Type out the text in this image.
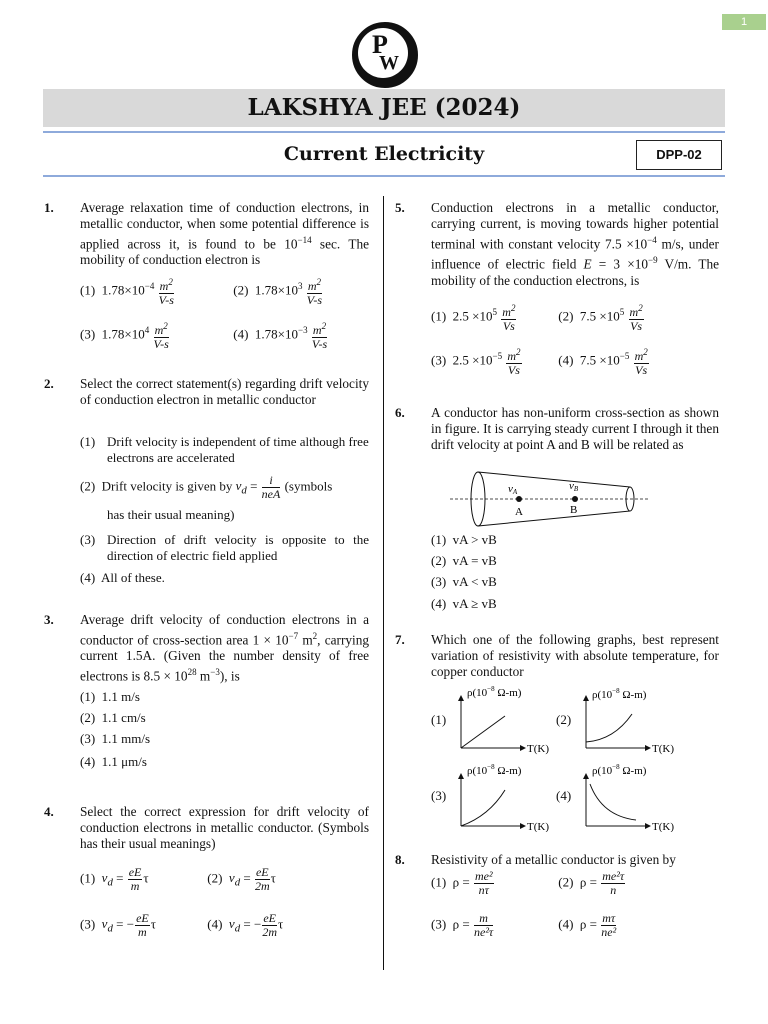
1
P
W
LAKSHYA JEE (2024)
Current Electricity	DPP-02
1. Average relaxation time of conduction electrons, in metallic conductor, when some potential difference is applied across it, is found to be $10^{-14}$ sec. The mobility of conduction electron is
(1) $1.78\times 10^{-4} \frac{m^2}{V-s}$	(2) $1.78\times 10^3 \frac{m^2}{V-s}$
(3) $1.78\times 10^4 \frac{m^2}{V-s}$	(4) $1.78\times 10^{-3} \frac{m^2}{V-s}$
2. Select the correct statement(s) regarding drift velocity of conduction electron in metallic conductor
(1) Drift velocity is independent of time although free electrons are accelerated
(2) Drift velocity is given by $v_d = \frac{i}{\text{neA}}$ (symbols
has their usual meaning)
(3) Direction of drift velocity is opposite to the direction of electric field applied
(4) All of these.
3. Average drift velocity of conduction electrons in a conductor of cross-section area $1 \times 10^{-7}$ $m^2$, carrying current 1.5A. (Given the number density of free electrons is $8.5 \times 10^{28}$ $m^{-3}$), is
(1) 1.1 m/s
(2) 1.1 cm/s
(3) 1.1 mm/s
(4) 1.1 μm/s
4. Select the correct expression for drift velocity of conduction electrons in metallic conductor. (Symbols has their usual meanings)
(1) $v_d = \frac{eE}{m}$ τ	(2) $v_d = \frac{eE}{2m}$ τ
(3) $v_d$ = − $\frac{eE}{m}$ τ	(4) $v_d$ = − $\frac{eE}{2m}$ τ
5. Conduction electrons in a metallic conductor, carrying current, is moving towards higher potential terminal with constant velocity $7.5 \times 10^{-4}$ m/s, under influence of electric field $E = 3 \times 10^{-9}$ V/m. The mobility of the conduction electrons, is
(1) $2.5 \times 10^5 \frac{m^2}{Vs}$	(2) $7.5 \times 10^5 \frac{m^2}{Vs}$
(3) $2.5 \times 10^{-5} \frac{m^2}{Vs}$	(4) $7.5 \times 10^{-5} \frac{m^2}{Vs}$
6. A conductor has non-uniform cross-section as shown in figure. It is carrying steady current I through it then drift velocity at point A and B will be related as
vA	vB
A	B
(1) vA > vB
(2) vA = vB
(3) vA < vB
(4) vA ≥ vB
7. Which one of the following graphs, best represent variation of resistivity with absolute temperature, for copper conductor
(1)	(2)
(3)	(4)
$\rho(10^{-8}$ Ω-m)
T(K)
$\rho(10^{-8}$ Ω-m)
T(K)
$\rho(10^{-8}$ Ω-m)
T(K)
$\rho(10^{-8}$ Ω-m)
T(K)
8. Resistivity of a metallic conductor is given by
(1) $\rho = \frac{\text{me²}}{n\tau}$	(2) $\rho = \frac{\text{me²τ}}{n}$
(3) $\rho = \frac{m}{\text{ne²τ}}$	(4) $\rho = \frac{m\tau}{\text{ne²}}$
